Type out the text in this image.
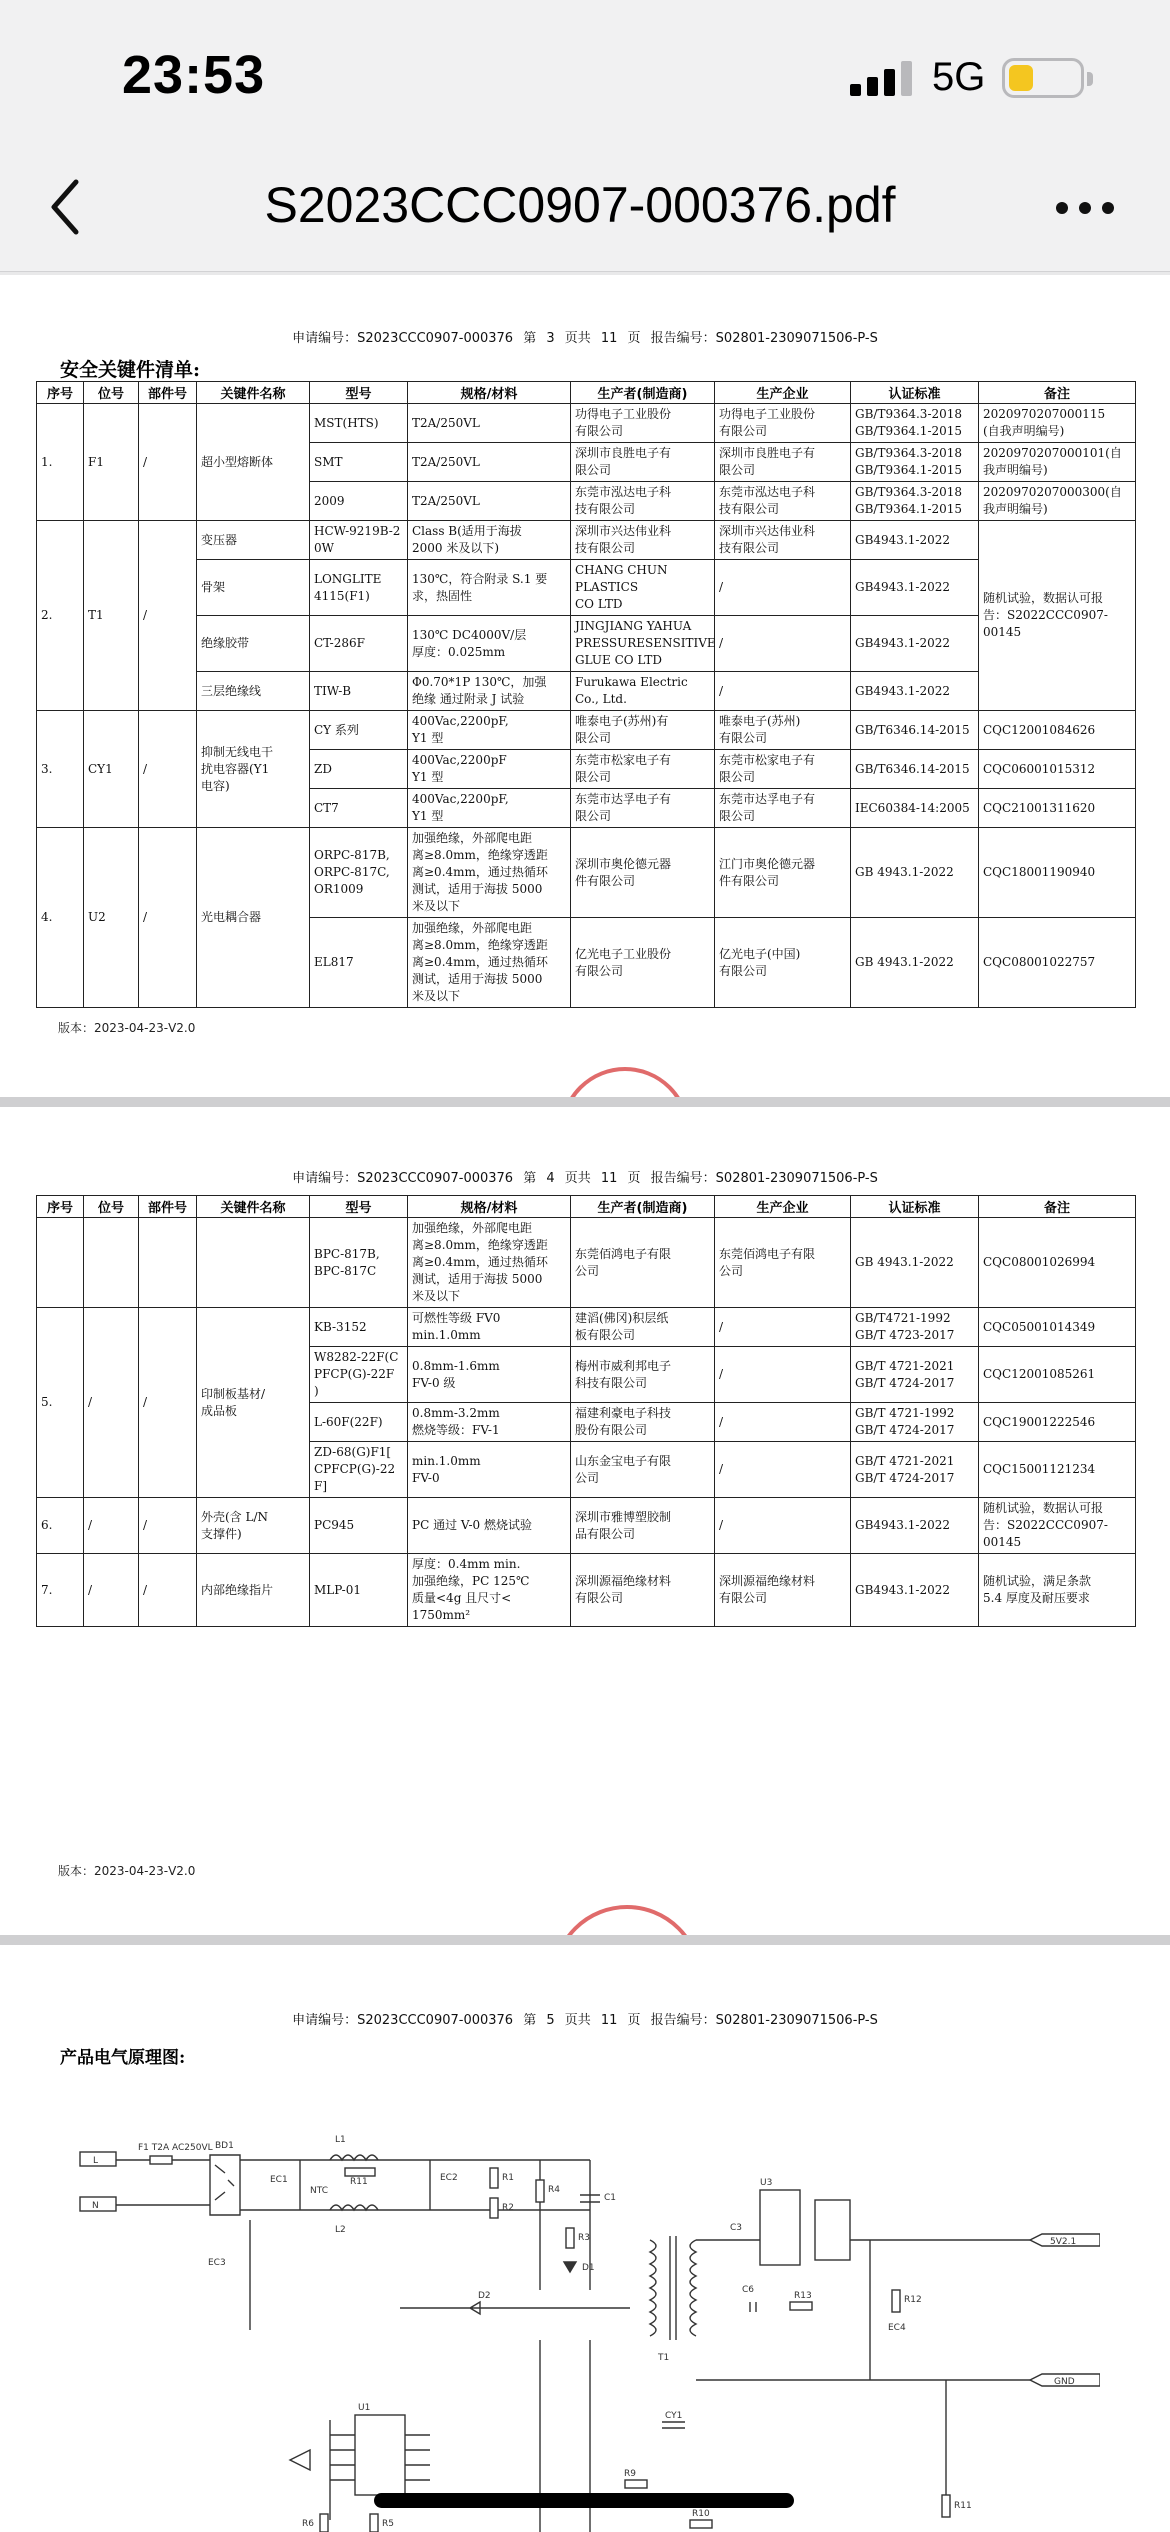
23:53	5G
S2023CCC0907-000376.pdf
申请编号：S2023CCC0907-000376 第 3 页共 11 页 报告编号：S02801-2309071506-P-S
安全关键件清单:
序号	位号	部件号	关键件名称	型号	规格/材料	生产者(制造商)	生产企业	认证标准	备注
1.	F1	/	超小型熔断体	MST(HTS)	T2A/250VL	功得电子工业股份
有限公司	功得电子工业股份
有限公司	GB/T9364.3-2018
GB/T9364.1-2015	2020970207000115
(自我声明编号)
				SMT	T2A/250VL	深圳市良胜电子有
限公司	深圳市良胜电子有
限公司	GB/T9364.3-2018
GB/T9364.1-2015	2020970207000101(自
我声明编号)
				2009	T2A/250VL	东莞市泓达电子科
技有限公司	东莞市泓达电子科
技有限公司	GB/T9364.3-2018
GB/T9364.1-2015	2020970207000300(自
我声明编号)
2.	T1	/	变压器	HCW-9219B-2
0W	Class B(适用于海拔
2000 米及以下)	深圳市兴达伟业科
技有限公司	深圳市兴达伟业科
技有限公司	GB4943.1-2022	随机试验，数据认可报
告：S2022CCC0907-
00145
			骨架	LONGLITE
4115(F1)	130℃，符合附录 S.1 要
求，热固性	CHANG CHUN PLASTICS
CO LTD	/	GB4943.1-2022	
			绝缘胶带	CT-286F	130℃ DC4000V/层
厚度：0.025mm	JINGJIANG YAHUA
PRESSURESENSITIVE
GLUE CO LTD	/	GB4943.1-2022	
			三层绝缘线	TIW-B	Φ0.70*1P 130℃，加强
绝缘 通过附录 J 试验	Furukawa Electric
Co., Ltd.	/	GB4943.1-2022	
3.	CY1	/	抑制无线电干
扰电容器(Y1
电容)	CY 系列	400Vac,2200pF,
Y1 型	唯泰电子(苏州)有
限公司	唯泰电子(苏州)
有限公司	GB/T6346.14-2015	CQC12001084626
				ZD	400Vac,2200pF
Y1 型	东莞市松家电子有
限公司	东莞市松家电子有
限公司	GB/T6346.14-2015	CQC06001015312
				CT7	400Vac,2200pF,
Y1 型	东莞市达孚电子有
限公司	东莞市达孚电子有
限公司	IEC60384-14:2005	CQC21001311620
4.	U2	/	光电耦合器	ORPC-817B,
ORPC-817C,
OR1009	加强绝缘，外部爬电距
离≥8.0mm，绝缘穿透距
离≥0.4mm，通过热循环
测试，适用于海拔 5000
米及以下	深圳市奥伦德元器
件有限公司	江门市奥伦德元器
件有限公司	GB 4943.1-2022	CQC18001190940
				EL817	加强绝缘，外部爬电距
离≥8.0mm，绝缘穿透距
离≥0.4mm，通过热循环
测试，适用于海拔 5000
米及以下	亿光电子工业股份
有限公司	亿光电子(中国)
有限公司	GB 4943.1-2022	CQC08001022757
版本：2023-04-23-V2.0
申请编号：S2023CCC0907-000376 第 4 页共 11 页 报告编号：S02801-2309071506-P-S
序号	位号	部件号	关键件名称	型号	规格/材料	生产者(制造商)	生产企业	认证标准	备注
				BPC-817B,
BPC-817C	加强绝缘，外部爬电距
离≥8.0mm，绝缘穿透距
离≥0.4mm，通过热循环
测试，适用于海拔 5000
米及以下	东莞佰鸿电子有限
公司	东莞佰鸿电子有限
公司	GB 4943.1-2022	CQC08001026994
5.	/	/	印制板基材/
成品板	KB-3152	可燃性等级 FV0
min.1.0mm	建滔(佛冈)积层纸
板有限公司	/	GB/T4721-1992
GB/T 4723-2017	CQC05001014349
				W8282-22F(C
PFCP(G)-22F
)	0.8mm-1.6mm
FV-0 级	梅州市威利邦电子
科技有限公司	/	GB/T 4721-2021
GB/T 4724-2017	CQC12001085261
				L-60F(22F)	0.8mm-3.2mm
燃烧等级：FV-1	福建利豪电子科技
股份有限公司	/	GB/T 4721-1992
GB/T 4724-2017	CQC19001222546
				ZD-68(G)F1[
CPFCP(G)-22
F]	min.1.0mm
FV-0	山东金宝电子有限
公司	/	GB/T 4721-2021
GB/T 4724-2017	CQC15001121234
6.	/	/	外壳(含 L/N
支撑件)	PC945	PC 通过 V-0 燃烧试验	深圳市雅博塑胶制
品有限公司	/	GB4943.1-2022	随机试验，数据认可报
告：S2022CCC0907-
00145
7.	/	/	内部绝缘指片	MLP-01	厚度：0.4mm min.
加强绝缘，PC 125℃
质量<4g 且尺寸<
1750mm²	深圳源福绝缘材料
有限公司	深圳源福绝缘材料
有限公司	GB4943.1-2022	随机试验，满足条款
5.4 厚度及耐压要求
版本：2023-04-23-V2.0
申请编号：S2023CCC0907-000376 第 5 页共 11 页 报告编号：S02801-2309071506-P-S
产品电气原理图:
L
N
F1 T2A AC250VL BD1
EC1
L1
R11
NTC
L2
EC2	R1
R2
R4
C1
R3
D1
EC3
D2
T1
U3
C3
5V2.1
C6
R13	R12
EC4
GND
U1
CY1
R9
R10
R5
R6
R11
